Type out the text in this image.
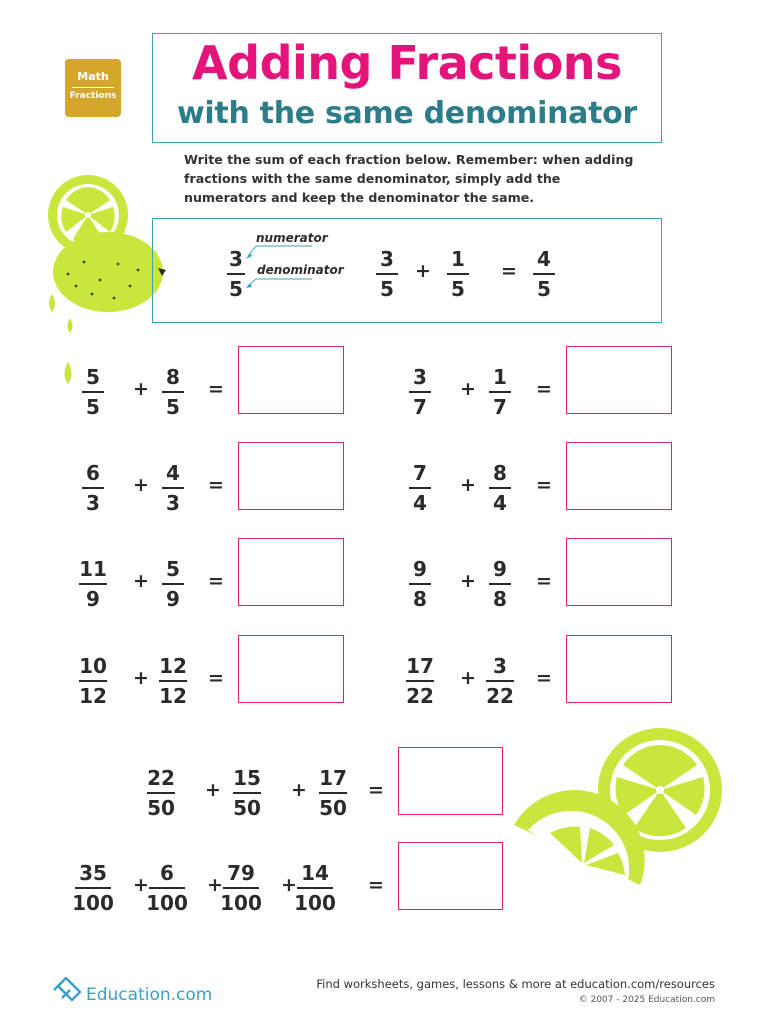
Math
Fractions
Adding Fractions
with the same denominator
Write the sum of each fraction below. Remember: when adding fractions with the same denominator, simply add the numerators and keep the denominator the same.
3
5
numerator
denominator	3
5
+	1
5
=	4
5
5
5
+ 8
5
=	3
7
+ 1
7
=
6
3
+ 4
3
=	7
4
+ 8
4
=
11
9
+ 5
9
=	9
8
+ 9
8
=
10
12
+ 12
12
=	17
22
+ 3
22
=
22
50
+ 15
50
+ 17
50
=
35
100
+ 6
100
+ 79
100
+ 14
100
=
Education.com
Find worksheets, games, lessons & more at education.com/resources
© 2007 - 2025 Education.com
